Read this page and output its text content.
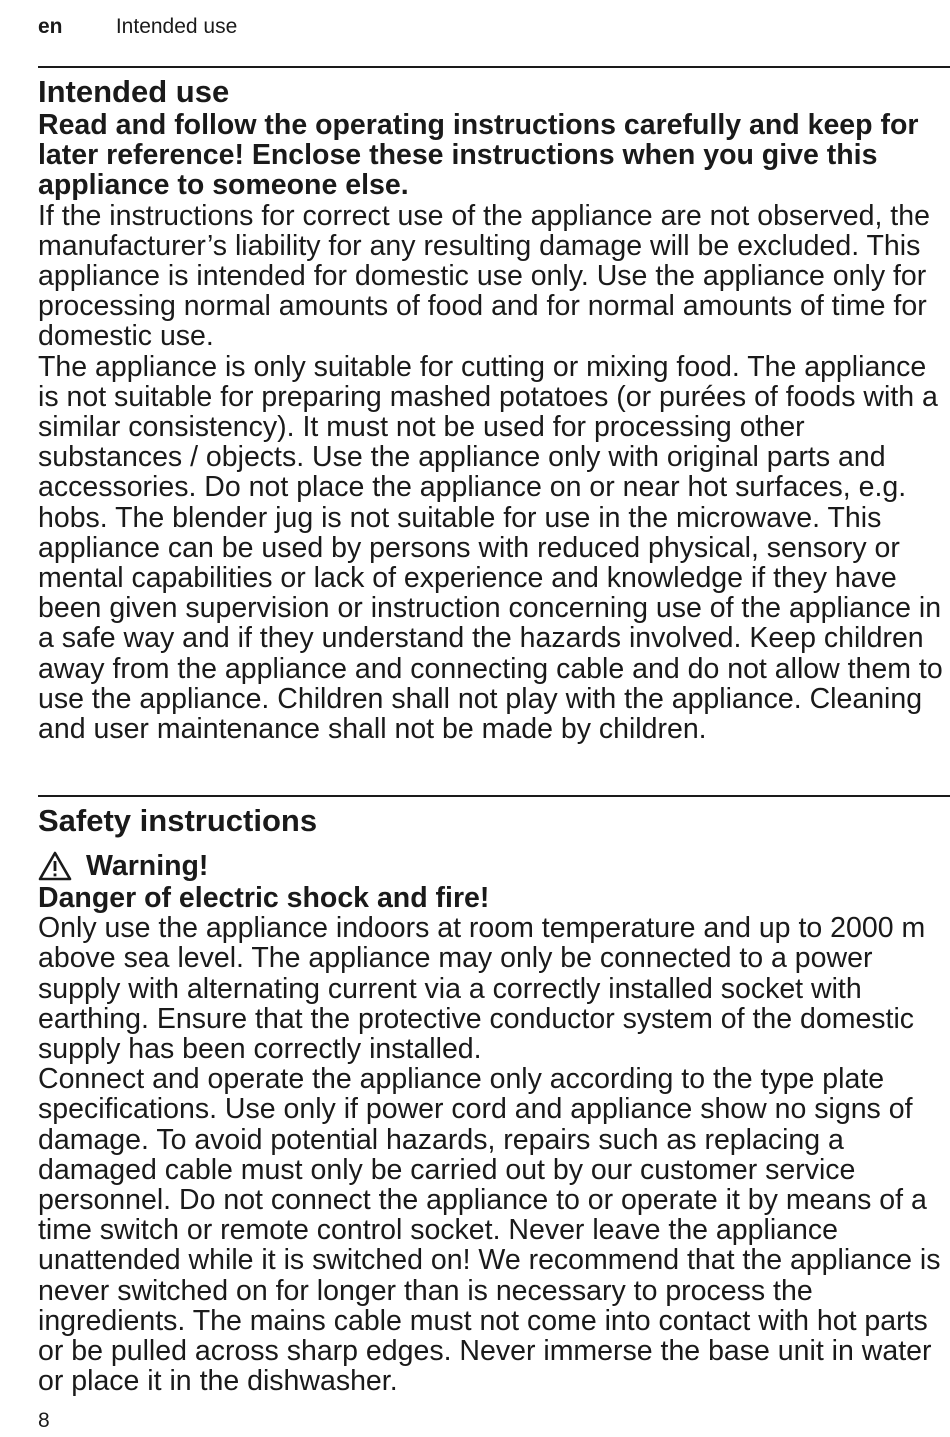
en	Intended use
Intended use

Read and follow the operating instructions carefully and keep for later reference! Enclose these instructions when you give this appliance to someone else.

If the instructions for correct use of the appliance are not observed, the manufacturer’s liability for any resulting damage will be excluded. This appliance is intended for domestic use only. Use the appliance only for processing normal amounts of food and for normal amounts of time for domestic use.

The appliance is only suitable for cutting or mixing food. The appliance is not suitable for preparing mashed potatoes (or purées of foods with a similar consistency). It must not be used for processing other substances / objects. Use the appliance only with original parts and accessories. Do not place the appliance on or near hot surfaces, e.g. hobs. The blender jug is not suitable for use in the microwave. This appliance can be used by persons with reduced physical, sensory or mental capabilities or lack of experience and knowledge if they have been given supervision or instruction concerning use of the appliance in a safe way and if they understand the hazards involved. Keep children away from the appliance and connecting cable and do not allow them to use the appliance. Children shall not play with the appliance. Cleaning and user maintenance shall not be made by children.

Safety instructions
Warning!

Danger of electric shock and fire!

Only use the appliance indoors at room temperature and up to 2000 m above sea level. The appliance may only be connected to a power supply with alternating current via a correctly installed socket with earthing. Ensure that the protective conductor system of the domestic supply has been correctly installed.

Connect and operate the appliance only according to the type plate specifications. Use only if power cord and appliance show no signs of damage. To avoid potential hazards, repairs such as replacing a damaged cable must only be carried out by our customer service personnel. Do not connect the appliance to or operate it by means of a time switch or remote control socket. Never leave the appliance unattended while it is switched on! We recommend that the appliance is never switched on for longer than is necessary to process the ingredients. The mains cable must not come into contact with hot parts or be pulled across sharp edges. Never immerse the base unit in water or place it in the dishwasher.

8
